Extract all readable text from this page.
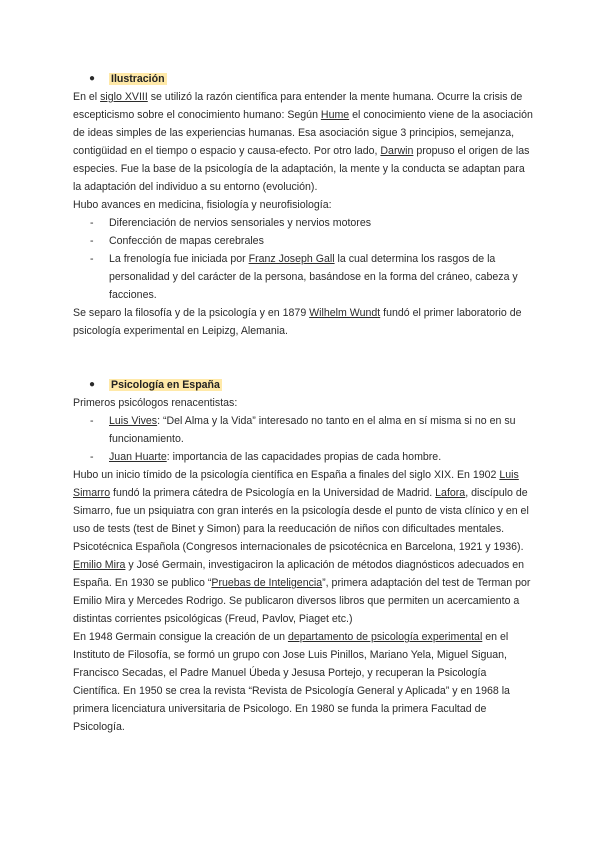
● Ilustración

En el siglo XVIII se utilizó la razón científica para entender la mente humana. Ocurre la crisis de escepticismo sobre el conocimiento humano: Según Hume el conocimiento viene de la asociación de ideas simples de las experiencias humanas. Esa asociación sigue 3 principios, semejanza, contigüidad en el tiempo o espacio y causa-efecto. Por otro lado, Darwin propuso el origen de las especies. Fue la base de la psicología de la adaptación, la mente y la conducta se adaptan para la adaptación del individuo a su entorno (evolución).

Hubo avances en medicina, fisiología y neurofisiología:

- Diferenciación de nervios sensoriales y nervios motores
- Confección de mapas cerebrales
- La frenología fue iniciada por Franz Joseph Gall la cual determina los rasgos de la personalidad y del carácter de la persona, basándose en la forma del cráneo, cabeza y facciones.

Se separo la filosofía y de la psicología y en 1879 Wilhelm Wundt fundó el primer laboratorio de psicología experimental en Leipizg, Alemania.

● Psicología en España

Primeros psicólogos renacentistas:

- Luis Vives: “Del Alma y la Vida” interesado no tanto en el alma en sí misma si no en su funcionamiento.
- Juan Huarte: importancia de las capacidades propias de cada hombre.

Hubo un inicio tímido de la psicología científica en España a finales del siglo XIX. En 1902 Luis Simarro fundó la primera cátedra de Psicología en la Universidad de Madrid. Lafora, discípulo de Simarro, fue un psiquiatra con gran interés en la psicología desde el punto de vista clínico y en el uso de tests (test de Binet y Simon) para la reeducación de niños con dificultades mentales. Psicotécnica Española (Congresos internacionales de psicotécnica en Barcelona, 1921 y 1936).

Emilio Mira y José Germain, investigaciron la aplicación de métodos diagnósticos adecuados en España. En 1930 se publico “Pruebas de Inteligencia”, primera adaptación del test de Terman por Emilio Mira y Mercedes Rodrigo. Se publicaron diversos libros que permiten un acercamiento a distintas corrientes psicológicas (Freud, Pavlov, Piaget etc.)

En 1948 Germain consigue la creación de un departamento de psicología experimental en el Instituto de Filosofía, se formó un grupo con Jose Luis Pinillos, Mariano Yela, Miguel Siguan, Francisco Secadas, el Padre Manuel Úbeda y Jesusa Portejo, y recuperan la Psicología Científica. En 1950 se crea la revista “Revista de Psicología General y Aplicada” y en 1968 la primera licenciatura universitaria de Psicologo. En 1980 se funda la primera Facultad de Psicología.
